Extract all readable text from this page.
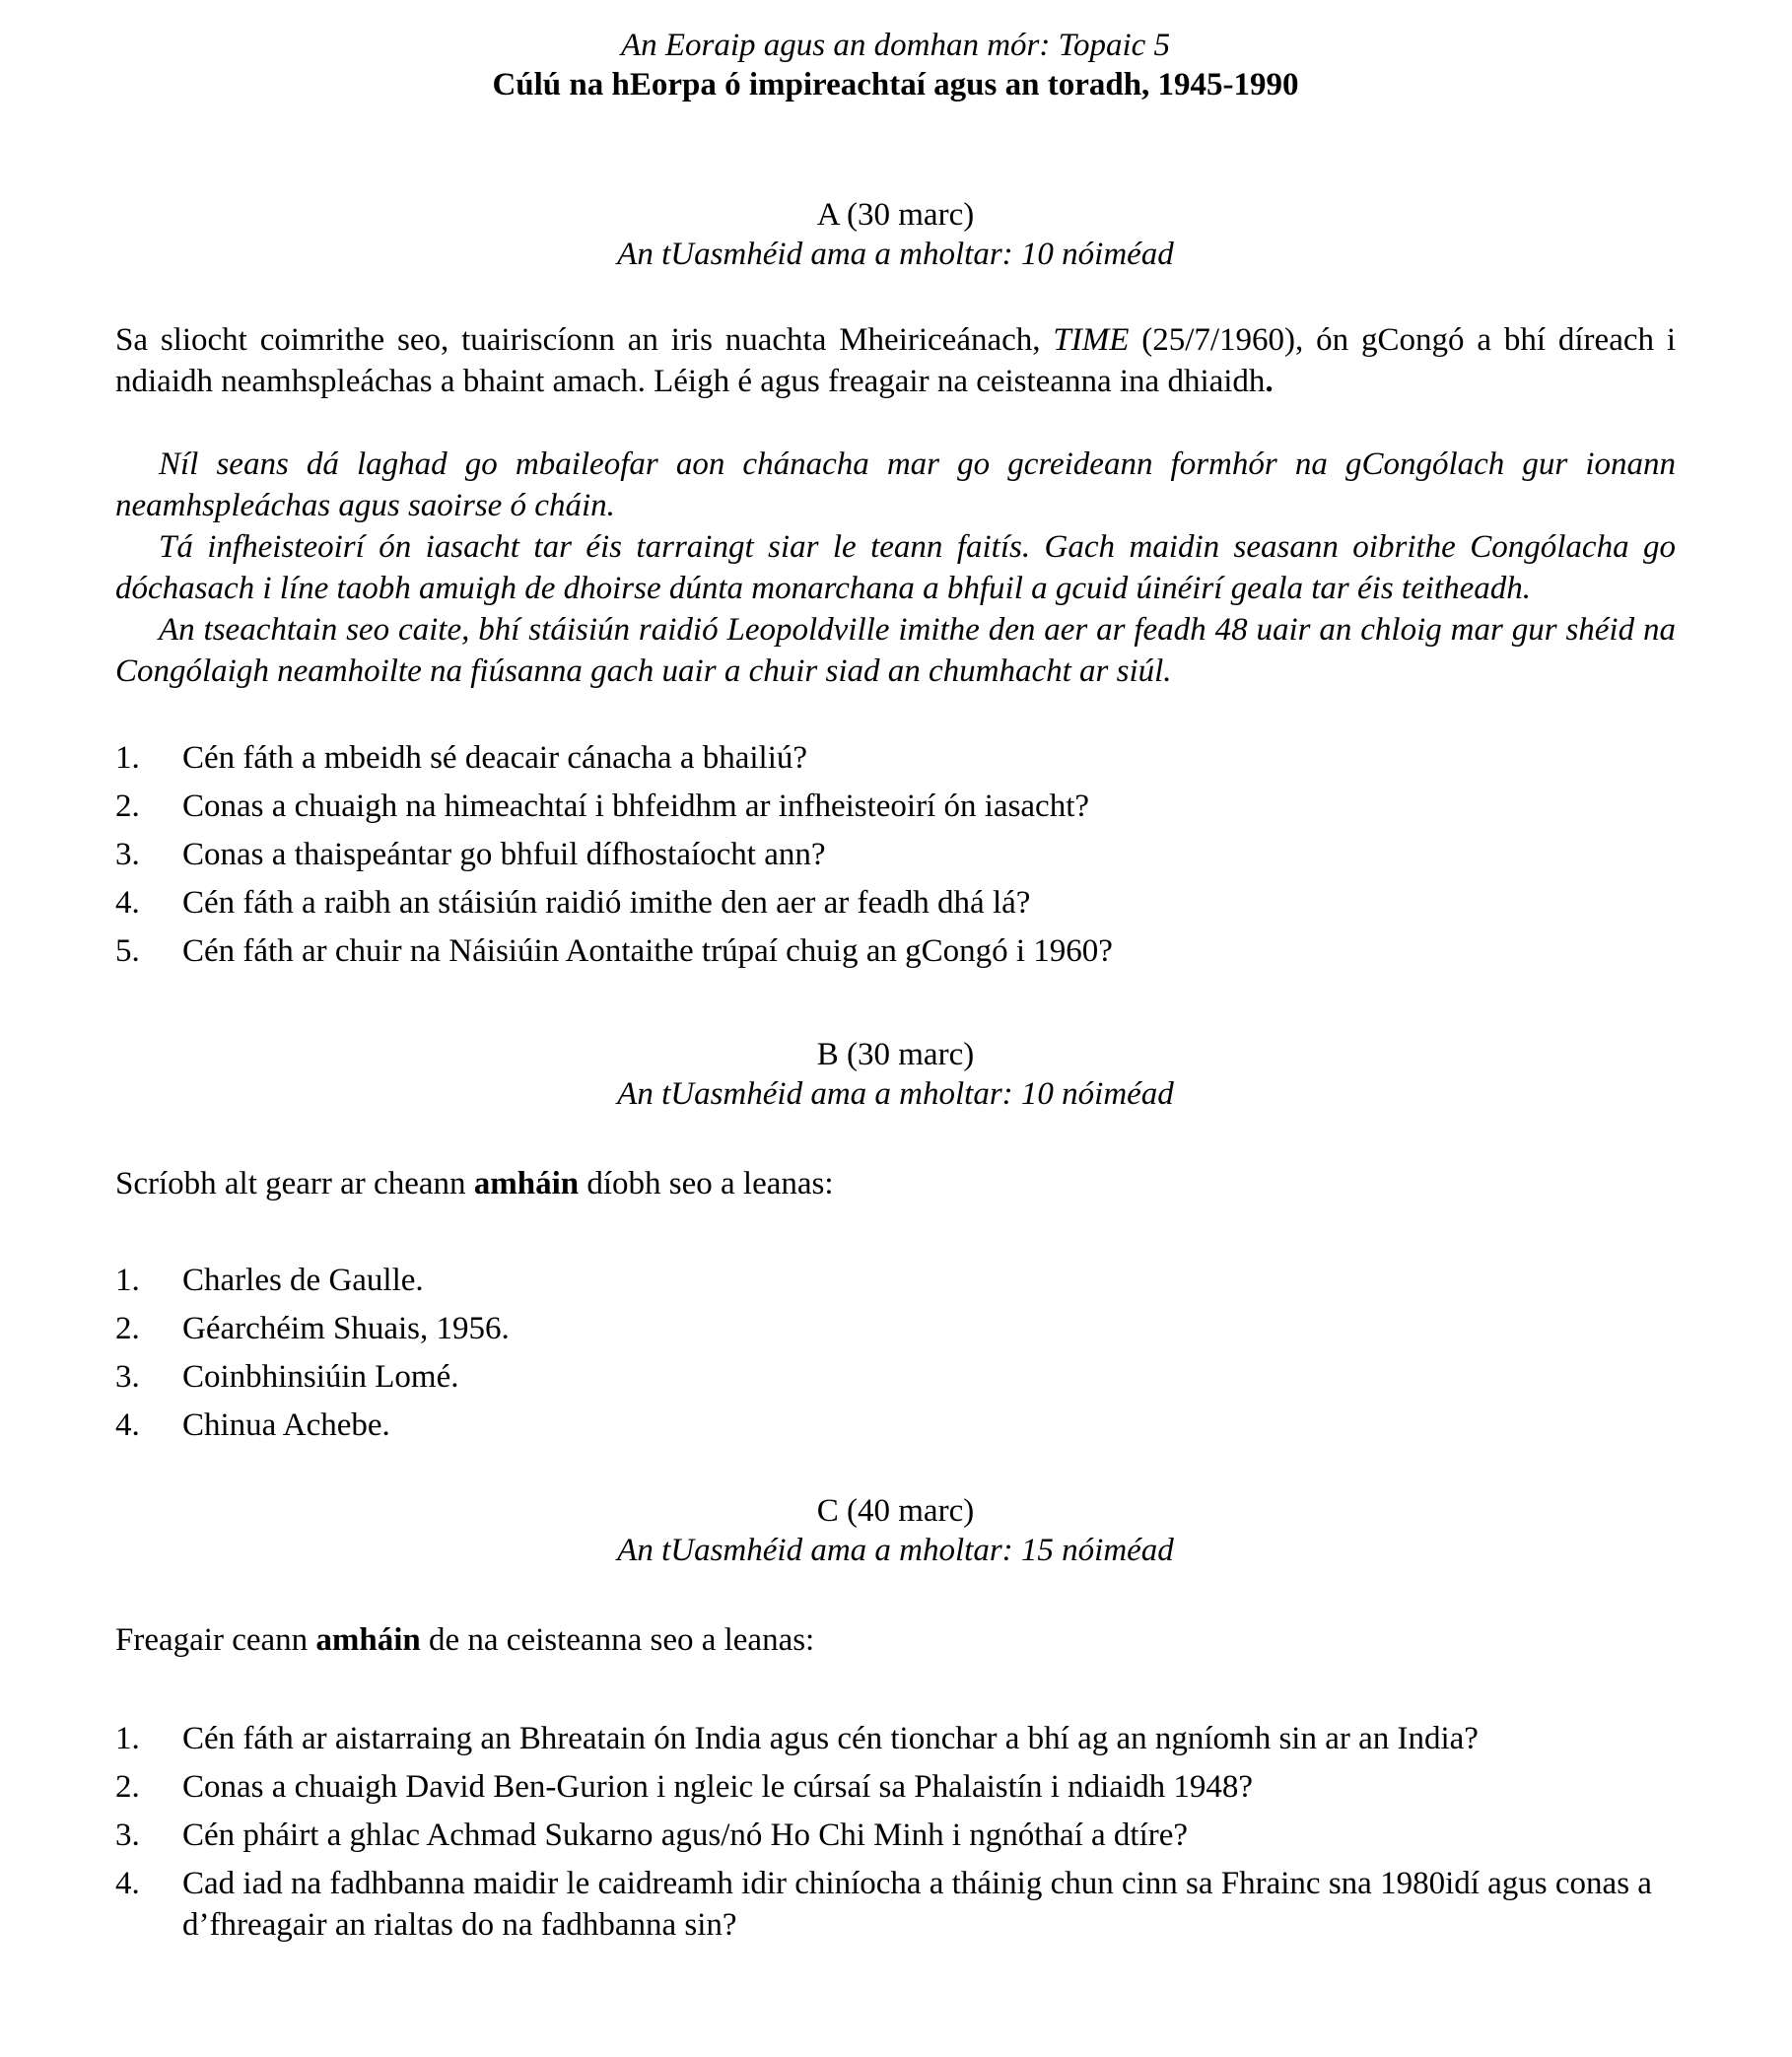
An Eoraip agus an domhan mór: Topaic 5

Cúlú na hEorpa ó impireachtaí agus an toradh, 1945-1990

A (30 marc)

An tUasmhéid ama a mholtar: 10 nóiméad

Sa sliocht coimrithe seo, tuairiscíonn an iris nuachta Mheiriceánach, TIME (25/7/1960), ón gCongó a bhí díreach i ndiaidh neamhspleáchas a bhaint amach. Léigh é agus freagair na ceisteanna ina dhiaidh.

Níl seans dá laghad go mbaileofar aon chánacha mar go gcreideann formhór na gCongólach gur ionann neamhspleáchas agus saoirse ó cháin.

Tá infheisteoirí ón iasacht tar éis tarraingt siar le teann faitís. Gach maidin seasann oibrithe Congólacha go dóchasach i líne taobh amuigh de dhoirse dúnta monarchana a bhfuil a gcuid úinéirí geala tar éis teitheadh.

An tseachtain seo caite, bhí stáisiún raidió Leopoldville imithe den aer ar feadh 48 uair an chloig mar gur shéid na Congólaigh neamhoilte na fiúsanna gach uair a chuir siad an chumhacht ar siúl.

1.	Cén fáth a mbeidh sé deacair cánacha a bhailiú?
2.	Conas a chuaigh na himeachtaí i bhfeidhm ar infheisteoirí ón iasacht?
3.	Conas a thaispeántar go bhfuil dífhostaíocht ann?
4.	Cén fáth a raibh an stáisiún raidió imithe den aer ar feadh dhá lá?
5.	Cén fáth ar chuir na Náisiúin Aontaithe trúpaí chuig an gCongó i 1960?

B (30 marc)

An tUasmhéid ama a mholtar: 10 nóiméad

Scríobh alt gearr ar cheann amháin díobh seo a leanas:

1.	Charles de Gaulle.
2.	Géarchéim Shuais, 1956.
3.	Coinbhinsiúin Lomé.
4.	Chinua Achebe.

C (40 marc)

An tUasmhéid ama a mholtar: 15 nóiméad

Freagair ceann amháin de na ceisteanna seo a leanas:

1.	Cén fáth ar aistarraing an Bhreatain ón India agus cén tionchar a bhí ag an ngníomh sin ar an India?
2.	Conas a chuaigh David Ben-Gurion i ngleic le cúrsaí sa Phalaistín i ndiaidh 1948?
3.	Cén pháirt a ghlac Achmad Sukarno agus/nó Ho Chi Minh i ngnóthaí a dtíre?
4.	Cad iad na fadhbanna maidir le caidreamh idir chiníocha a tháinig chun cinn sa Fhrainc sna 1980idí agus conas a d’fhreagair an rialtas do na fadhbanna sin?
